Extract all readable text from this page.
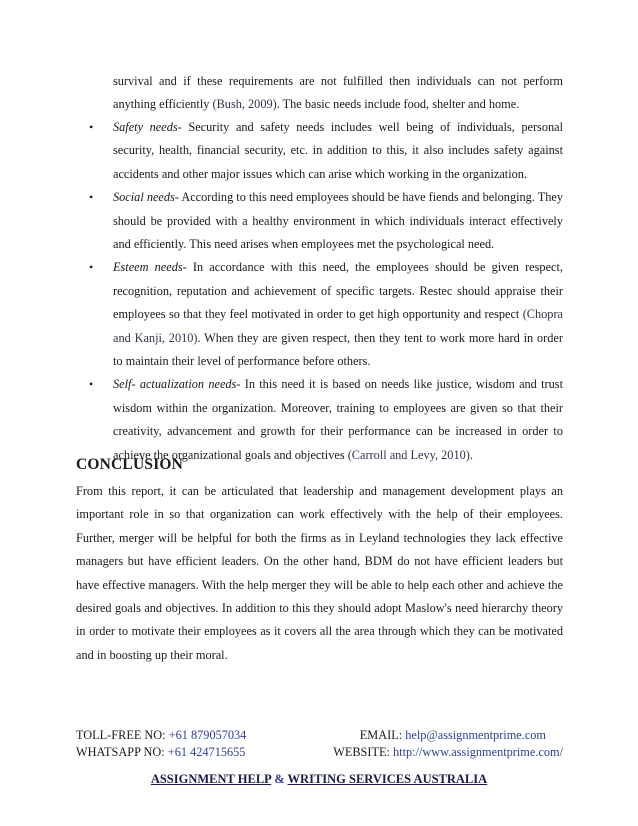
survival and if these requirements are not fulfilled then individuals can not perform anything efficiently (Bush, 2009). The basic needs include food, shelter and home.

• Safety needs- Security and safety needs includes well being of individuals, personal security, health, financial security, etc. in addition to this, it also includes safety against accidents and other major issues which can arise which working in the organization.

• Social needs- According to this need employees should be have fiends and belonging. They should be provided with a healthy environment in which individuals interact effectively and efficiently. This need arises when employees met the psychological need.

• Esteem needs- In accordance with this need, the employees should be given respect, recognition, reputation and achievement of specific targets. Restec should appraise their employees so that they feel motivated in order to get high opportunity and respect (Chopra and Kanji, 2010). When they are given respect, then they tent to work more hard in order to maintain their level of performance before others.

• Self- actualization needs- In this need it is based on needs like justice, wisdom and trust wisdom within the organization. Moreover, training to employees are given so that their creativity, advancement and growth for their performance can be increased in order to achieve the organizational goals and objectives (Carroll and Levy, 2010).

CONCLUSION

From this report, it can be articulated that leadership and management development plays an important role in so that organization can work effectively with the help of their employees. Further, merger will be helpful for both the firms as in Leyland technologies they lack effective managers but have efficient leaders. On the other hand, BDM do not have efficient leaders but have effective managers. With the help merger they will be able to help each other and achieve the desired goals and objectives. In addition to this they should adopt Maslow's need hierarchy theory in order to motivate their employees as it covers all the area through which they can be motivated and in boosting up their moral.

TOLL-FREE NO: +61 879057034	EMAIL: help@assignmentprime.com
WHATSAPP NO: +61 424715655	WEBSITE: http://www.assignmentprime.com/
ASSIGNMENT HELP & WRITING SERVICES AUSTRALIA
